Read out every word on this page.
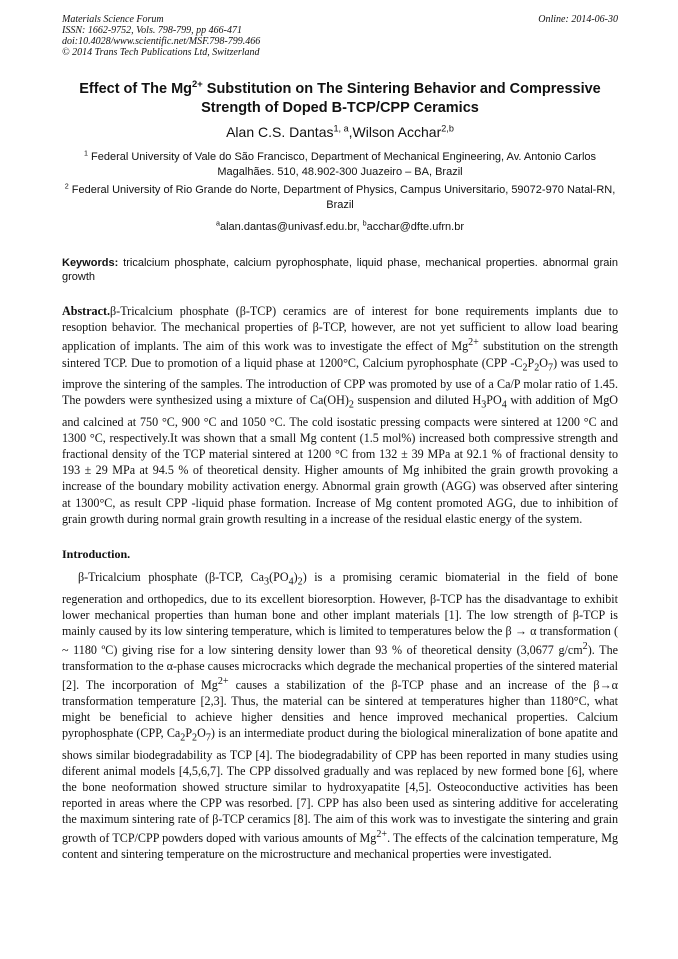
Materials Science Forum
ISSN: 1662-9752, Vols. 798-799, pp 466-471
doi:10.4028/www.scientific.net/MSF.798-799.466
© 2014 Trans Tech Publications Ltd, Switzerland
Online: 2014-06-30
Effect of The $Mg^{2+}$ Substitution on The Sintering Behavior and Compressive Strength of Doped B-TCP/CPP Ceramics
Alan C.S. Dantas$^{1, a}$,Wilson Acchar$^{2,b}$
$^1$ Federal University of Vale do São Francisco, Department of Mechanical Engineering, Av. Antonio Carlos Magalhães. 510, 48.902-300 Juazeiro – BA, Brazil
$^2$ Federal University of Rio Grande do Norte, Department of Physics, Campus Universitario, 59072-970 Natal-RN, Brazil
$^a$alan.dantas@univasf.edu.br, $^b$acchar@dfte.ufrn.br
Keywords: tricalcium phosphate, calcium pyrophosphate, liquid phase, mechanical properties. abnormal grain growth
Abstract.β-Tricalcium phosphate (β-TCP) ceramics are of interest for bone requirements implants due to resoption behavior. The mechanical properties of β-TCP, however, are not yet sufficient to allow load bearing application of implants. The aim of this work was to investigate the effect of $Mg^{2+}$ substitution on the strength sintered TCP. Due to promotion of a liquid phase at 1200°C, Calcium pyrophosphate (CPP $-C_2P_2O_7$) was used to improve the sintering of the samples. The introduction of CPP was promoted by use of a Ca/P molar ratio of 1.45. The powders were synthesized using a mixture of $Ca(OH)_2$ suspension and diluted $H_3PO_4$ with addition of MgO and calcined at 750 °C, 900 °C and 1050 °C. The cold isostatic pressing compacts were sintered at 1200 °C and 1300 °C, respectively.It was shown that a small Mg content (1.5 mol%) increased both compressive strength and fractional density of the TCP material sintered at 1200 °C from 132 ± 39 MPa at 92.1 % of fractional density to 193 ± 29 MPa at 94.5 % of theoretical density. Higher amounts of Mg inhibited the grain growth provoking a increase of the boundary mobility activation energy. Abnormal grain growth (AGG) was observed after sintering at 1300°C, as result CPP -liquid phase formation. Increase of Mg content promoted AGG, due to inhibition of grain growth during normal grain growth resulting in a increase of the residual elastic energy of the system.
Introduction.
β-Tricalcium phosphate (β-TCP, $Ca_3(PO_4)_2$) is a promising ceramic biomaterial in the field of bone regeneration and orthopedics, due to its excellent bioresorption. However, β-TCP has the disadvantage to exhibit lower mechanical properties than human bone and other implant materials [1]. The low strength of β-TCP is mainly caused by its low sintering temperature, which is limited to temperatures below the β → α transformation ( ~ 1180 ºC) giving rise for a low sintering density lower than 93 % of theoretical density (3,0677 $g/cm^2$). The transformation to the α-phase causes microcracks which degrade the mechanical properties of the sintered material [2]. The incorporation of $Mg^{2+}$ causes a stabilization of the β-TCP phase and an increase of the β→α transformation temperature [2,3]. Thus, the material can be sintered at temperatures higher than 1180°C, what might be beneficial to achieve higher densities and hence improved mechanical properties. Calcium pyrophosphate (CPP, $Ca_2P_2O_7$) is an intermediate product during the biological mineralization of bone apatite and shows similar biodegradability as TCP [4]. The biodegradability of CPP has been reported in many studies using diferent animal models [4,5,6,7]. The CPP dissolved gradually and was replaced by new formed bone [6], where the bone neoformation showed structure similar to hydroxyapatite [4,5]. Osteoconductive activities has been reported in areas where the CPP was resorbed. [7]. CPP has also been used as sintering additive for accelerating the maximum sintering rate of β-TCP ceramics [8]. The aim of this work was to investigate the sintering and grain growth of TCP/CPP powders doped with various amounts of $Mg^{2+}$. The effects of the calcination temperature, Mg content and sintering temperature on the microstructure and mechanical properties were investigated.
